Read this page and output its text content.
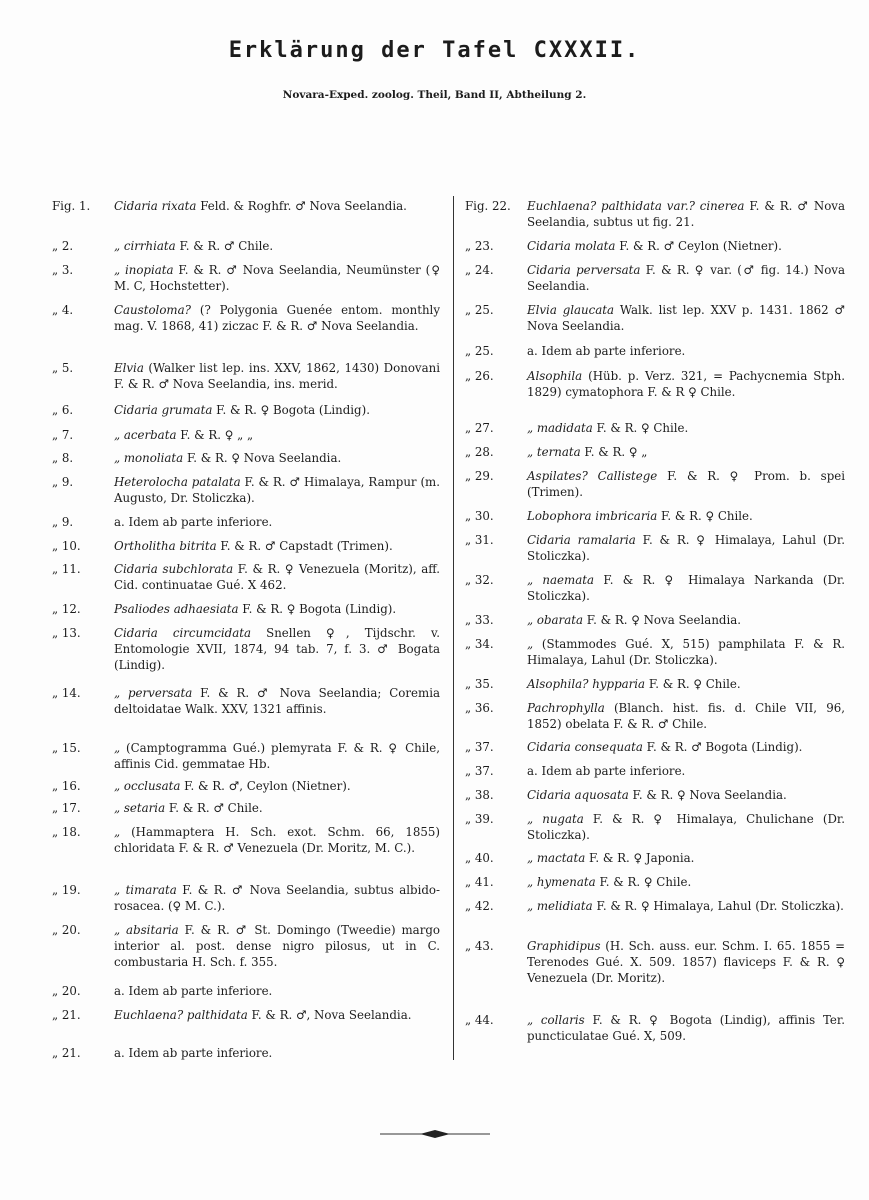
Erklärung der Tafel CXXXII.
Novara-Exped. zoolog. Theil, Band II, Abtheilung 2.
Fig. 1.	Cidaria rixata Feld. & Roghfr. ♂ Nova Seelandia.
„ 2.	„ cirrhiata F. & R. ♂ Chile.
„ 3.	„ inopiata F. & R. ♂ Nova Seelandia, Neumünster (♀ M. C, Hochstetter).
„ 4.	Caustoloma? (? Polygonia Guenée entom. monthly mag. V. 1868, 41) ziczac F. & R. ♂ Nova Seelandia.
„ 5.	Elvia (Walker list lep. ins. XXV, 1862, 1430) Donovani F. & R. ♂ Nova Seelandia, ins. merid.
„ 6.	Cidaria grumata F. & R. ♀ Bogota (Lindig).
„ 7.	„ acerbata F. & R. ♀ „ „
„ 8.	„ monoliata F. & R. ♀ Nova Seelandia.
„ 9.	Heterolocha patalata F. & R. ♂ Himalaya, Rampur (m. Augusto, Dr. Stoliczka).
„ 9.	a. Idem ab parte inferiore.
„ 10.	Ortholitha bitrita F. & R. ♂ Capstadt (Trimen).
„ 11.	Cidaria subchlorata F. & R. ♀ Venezuela (Moritz), aff. Cid. continuatae Gué. X 462.
„ 12.	Psaliodes adhaesiata F. & R. ♀ Bogota (Lindig).
„ 13.	Cidaria circumcidata Snellen ♀, Tijdschr. v. Entomologie XVII, 1874, 94 tab. 7, f. 3. ♂ Bogata (Lindig).
„ 14.	„ perversata F. & R. ♂ Nova Seelandia; Coremia deltoidatae Walk. XXV, 1321 affinis.
„ 15.	„ (Camptogramma Gué.) plemyrata F. & R. ♀ Chile, affinis Cid. gemmatae Hb.
„ 16.	„ occlusata F. & R. ♂, Ceylon (Nietner).
„ 17.	„ setaria F. & R. ♂ Chile.
„ 18.	„ (Hammaptera H. Sch. exot. Schm. 66, 1855) chloridata F. & R. ♂ Venezuela (Dr. Moritz, M. C.).
„ 19.	„ timarata F. & R. ♂ Nova Seelandia, subtus albido-rosacea. (♀ M. C.).
„ 20.	„ absitaria F. & R. ♂ St. Domingo (Tweedie) margo interior al. post. dense nigro pilosus, ut in C. combustaria H. Sch. f. 355.
„ 20.	a. Idem ab parte inferiore.
„ 21.	Euchlaena? palthidata F. & R. ♂, Nova Seelandia.
„ 21.	a. Idem ab parte inferiore.
Fig. 22.	Euchlaena? palthidata var.? cinerea F. & R. ♂ Nova Seelandia, subtus ut fig. 21.
„ 23.	Cidaria molata F. & R. ♂ Ceylon (Nietner).
„ 24.	Cidaria perversata F. & R. ♀ var. (♂ fig. 14.) Nova Seelandia.
„ 25.	Elvia glaucata Walk. list lep. XXV p. 1431. 1862 ♂ Nova Seelandia.
„ 25.	a. Idem ab parte inferiore.
„ 26.	Alsophila (Hüb. p. Verz. 321, = Pachycnemia Stph. 1829) cymatophora F. & R ♀ Chile.
„ 27.	„ madidata F. & R. ♀ Chile.
„ 28.	„ ternata F. & R. ♀ „
„ 29.	Aspilates? Callistege F. & R. ♀ Prom. b. spei (Trimen).
„ 30.	Lobophora imbricaria F. & R. ♀ Chile.
„ 31.	Cidaria ramalaria F. & R. ♀ Himalaya, Lahul (Dr. Stoliczka).
„ 32.	„ naemata F. & R. ♀ Himalaya Narkanda (Dr. Stoliczka).
„ 33.	„ obarata F. & R. ♀ Nova Seelandia.
„ 34.	„ (Stammodes Gué. X, 515) pamphilata F. & R. Himalaya, Lahul (Dr. Stoliczka).
„ 35.	Alsophila? hypparia F. & R. ♀ Chile.
„ 36.	Pachrophylla (Blanch. hist. fis. d. Chile VII, 96, 1852) obelata F. & R. ♂ Chile.
„ 37.	Cidaria consequata F. & R. ♂ Bogota (Lindig).
„ 37.	a. Idem ab parte inferiore.
„ 38.	Cidaria aquosata F. & R. ♀ Nova Seelandia.
„ 39.	„ nugata F. & R. ♀ Himalaya, Chulichane (Dr. Stoliczka).
„ 40.	„ mactata F. & R. ♀ Japonia.
„ 41.	„ hymenata F. & R. ♀ Chile.
„ 42.	„ melidiata F. & R. ♀ Himalaya, Lahul (Dr. Stoliczka).
„ 43.	Graphidipus (H. Sch. auss. eur. Schm. I. 65. 1855 = Terenodes Gué. X. 509. 1857) flaviceps F. & R. ♀ Venezuela (Dr. Moritz).
„ 44.	„ collaris F. & R. ♀ Bogota (Lindig), affinis Ter. puncticulatae Gué. X, 509.
